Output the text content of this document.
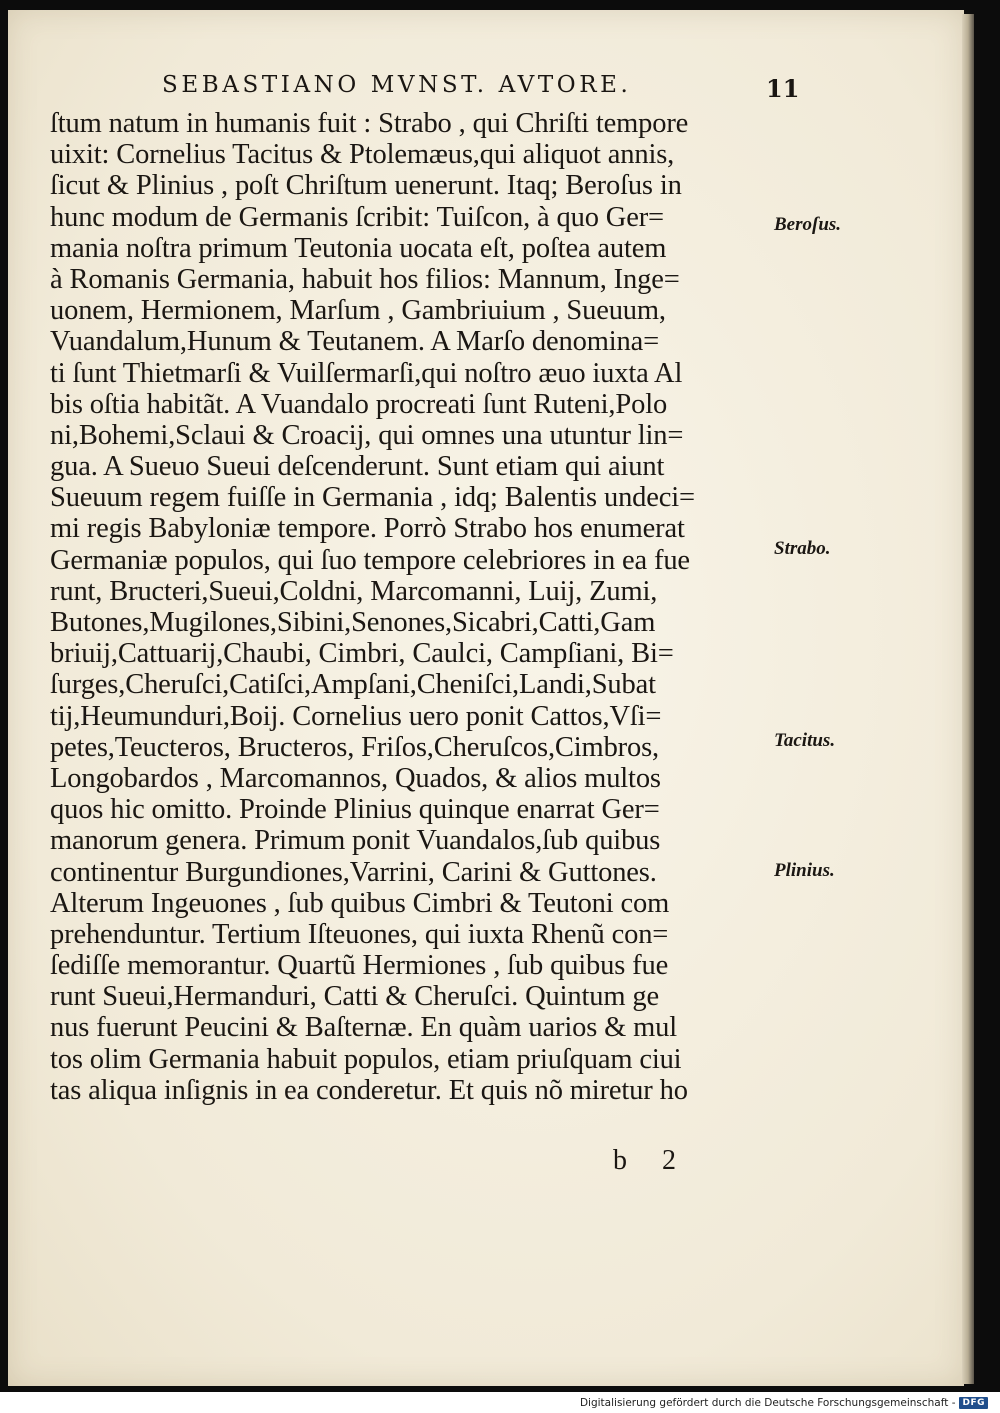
SEBASTIANO MVNST. AVTORE.	11
ſtum natum in humanis fuit : Strabo , qui Chriſti tempore
uixit: Cornelius Tacitus & Ptolemæus,qui aliquot annis,
ſicut & Plinius , poſt Chriſtum uenerunt. Itaq; Beroſus in
hunc modum de Germanis ſcribit: Tuiſcon, à quo Ger=
mania noſtra primum Teutonia uocata eſt, poſtea autem
à Romanis Germania, habuit hos filios: Mannum, Inge=
uonem, Hermionem, Marſum , Gambriuium , Sueuum,
Vuandalum,Hunum & Teutanem. A Marſo denomina=
ti ſunt Thietmarſi & Vuilſermarſi,qui noſtro æuo iuxta Al
bis oſtia habitãt. A Vuandalo procreati ſunt Ruteni,Polo
ni,Bohemi,Sclaui & Croacij, qui omnes una utuntur lin=
gua. A Sueuo Sueui deſcenderunt. Sunt etiam qui aiunt
Sueuum regem fuiſſe in Germania , idq; Balentis undeci=
mi regis Babyloniæ tempore. Porrò Strabo hos enumerat
Germaniæ populos, qui ſuo tempore celebriores in ea fue
runt, Bructeri,Sueui,Coldni, Marcomanni, Luij, Zumi,
Butones,Mugilones,Sibini,Senones,Sicabri,Catti,Gam
briuij,Cattuarij,Chaubi, Cimbri, Caulci, Campſiani, Bi=
ſurges,Cheruſci,Catiſci,Ampſani,Cheniſci,Landi,Subat
tij,Heumunduri,Boij. Cornelius uero ponit Cattos,Vſi=
petes,Teucteros, Bructeros, Friſos,Cheruſcos,Cimbros,
Longobardos , Marcomannos, Quados, & alios multos
quos hic omitto. Proinde Plinius quinque enarrat Ger=
manorum genera. Primum ponit Vuandalos,ſub quibus
continentur Burgundiones,Varrini, Carini & Guttones.
Alterum Ingeuones , ſub quibus Cimbri & Teutoni com
prehenduntur. Tertium Iſteuones, qui iuxta Rhenũ con=
ſediſſe memorantur. Quartũ Hermiones , ſub quibus fue
runt Sueui,Hermanduri, Catti & Cheruſci. Quintum ge
nus fuerunt Peucini & Baſternæ. En quàm uarios & mul
tos olim Germania habuit populos, etiam priuſquam ciui
tas aliqua inſignis in ea conderetur. Et quis nõ miretur ho
Beroſus.
Strabo.
Tacitus.
Plinius.
b 2
Digitalisierung gefördert durch die Deutsche Forschungsgemeinschaft - DFG
